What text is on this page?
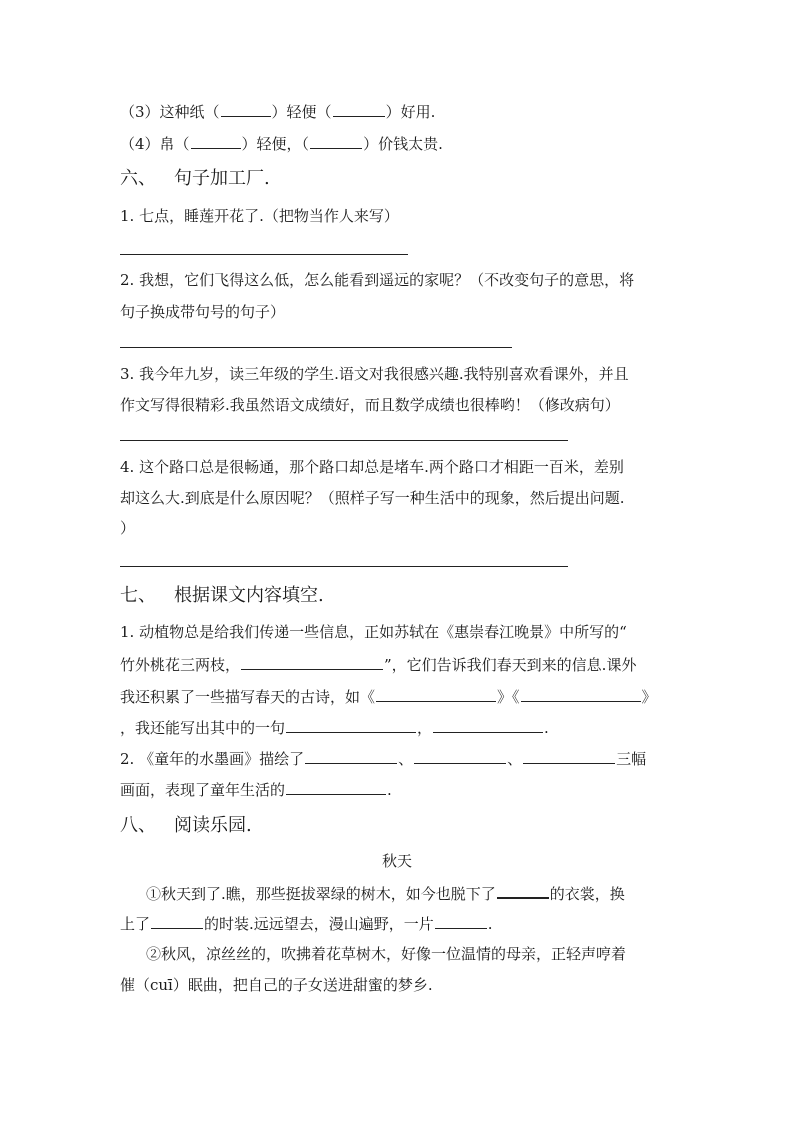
（3）这种纸（	）轻便（	）好用.
（4）帛（	）轻便，（	）价钱太贵.
六、 句子加工厂.
1. 七点，睡莲开花了.（把物当作人来写）
2. 我想，它们飞得这么低，怎么能看到遥远的家呢？（不改变句子的意思，将
句子换成带句号的句子）
3. 我今年九岁，读三年级的学生.语文对我很感兴趣.我特别喜欢看课外，并且
作文写得很精彩.我虽然语文成绩好，而且数学成绩也很棒哟！（修改病句）
4. 这个路口总是很畅通，那个路口却总是堵车.两个路口才相距一百米，差别
却这么大.到底是什么原因呢？（照样子写一种生活中的现象，然后提出问题.
）
七、 根据课文内容填空.
1. 动植物总是给我们传递一些信息，正如苏轼在《惠崇春江晚景》中所写的“
竹外桃花三两枝，	”，它们告诉我们春天到来的信息.课外
我还积累了一些描写春天的古诗，如《	》《	》
，我还能写出其中的一句	，	.
2. 《童年的水墨画》描绘了	、	、	三幅
画面，表现了童年生活的	.
八、 阅读乐园.
秋天
①秋天到了.瞧，那些挺拔翠绿的树木，如今也脱下了	的衣裳，换
上了	的时装.远远望去，漫山遍野，一片	.
②秋风，凉丝丝的，吹拂着花草树木，好像一位温情的母亲，正轻声哼着
催（cuī）眠曲，把自己的子女送进甜蜜的梦乡.
